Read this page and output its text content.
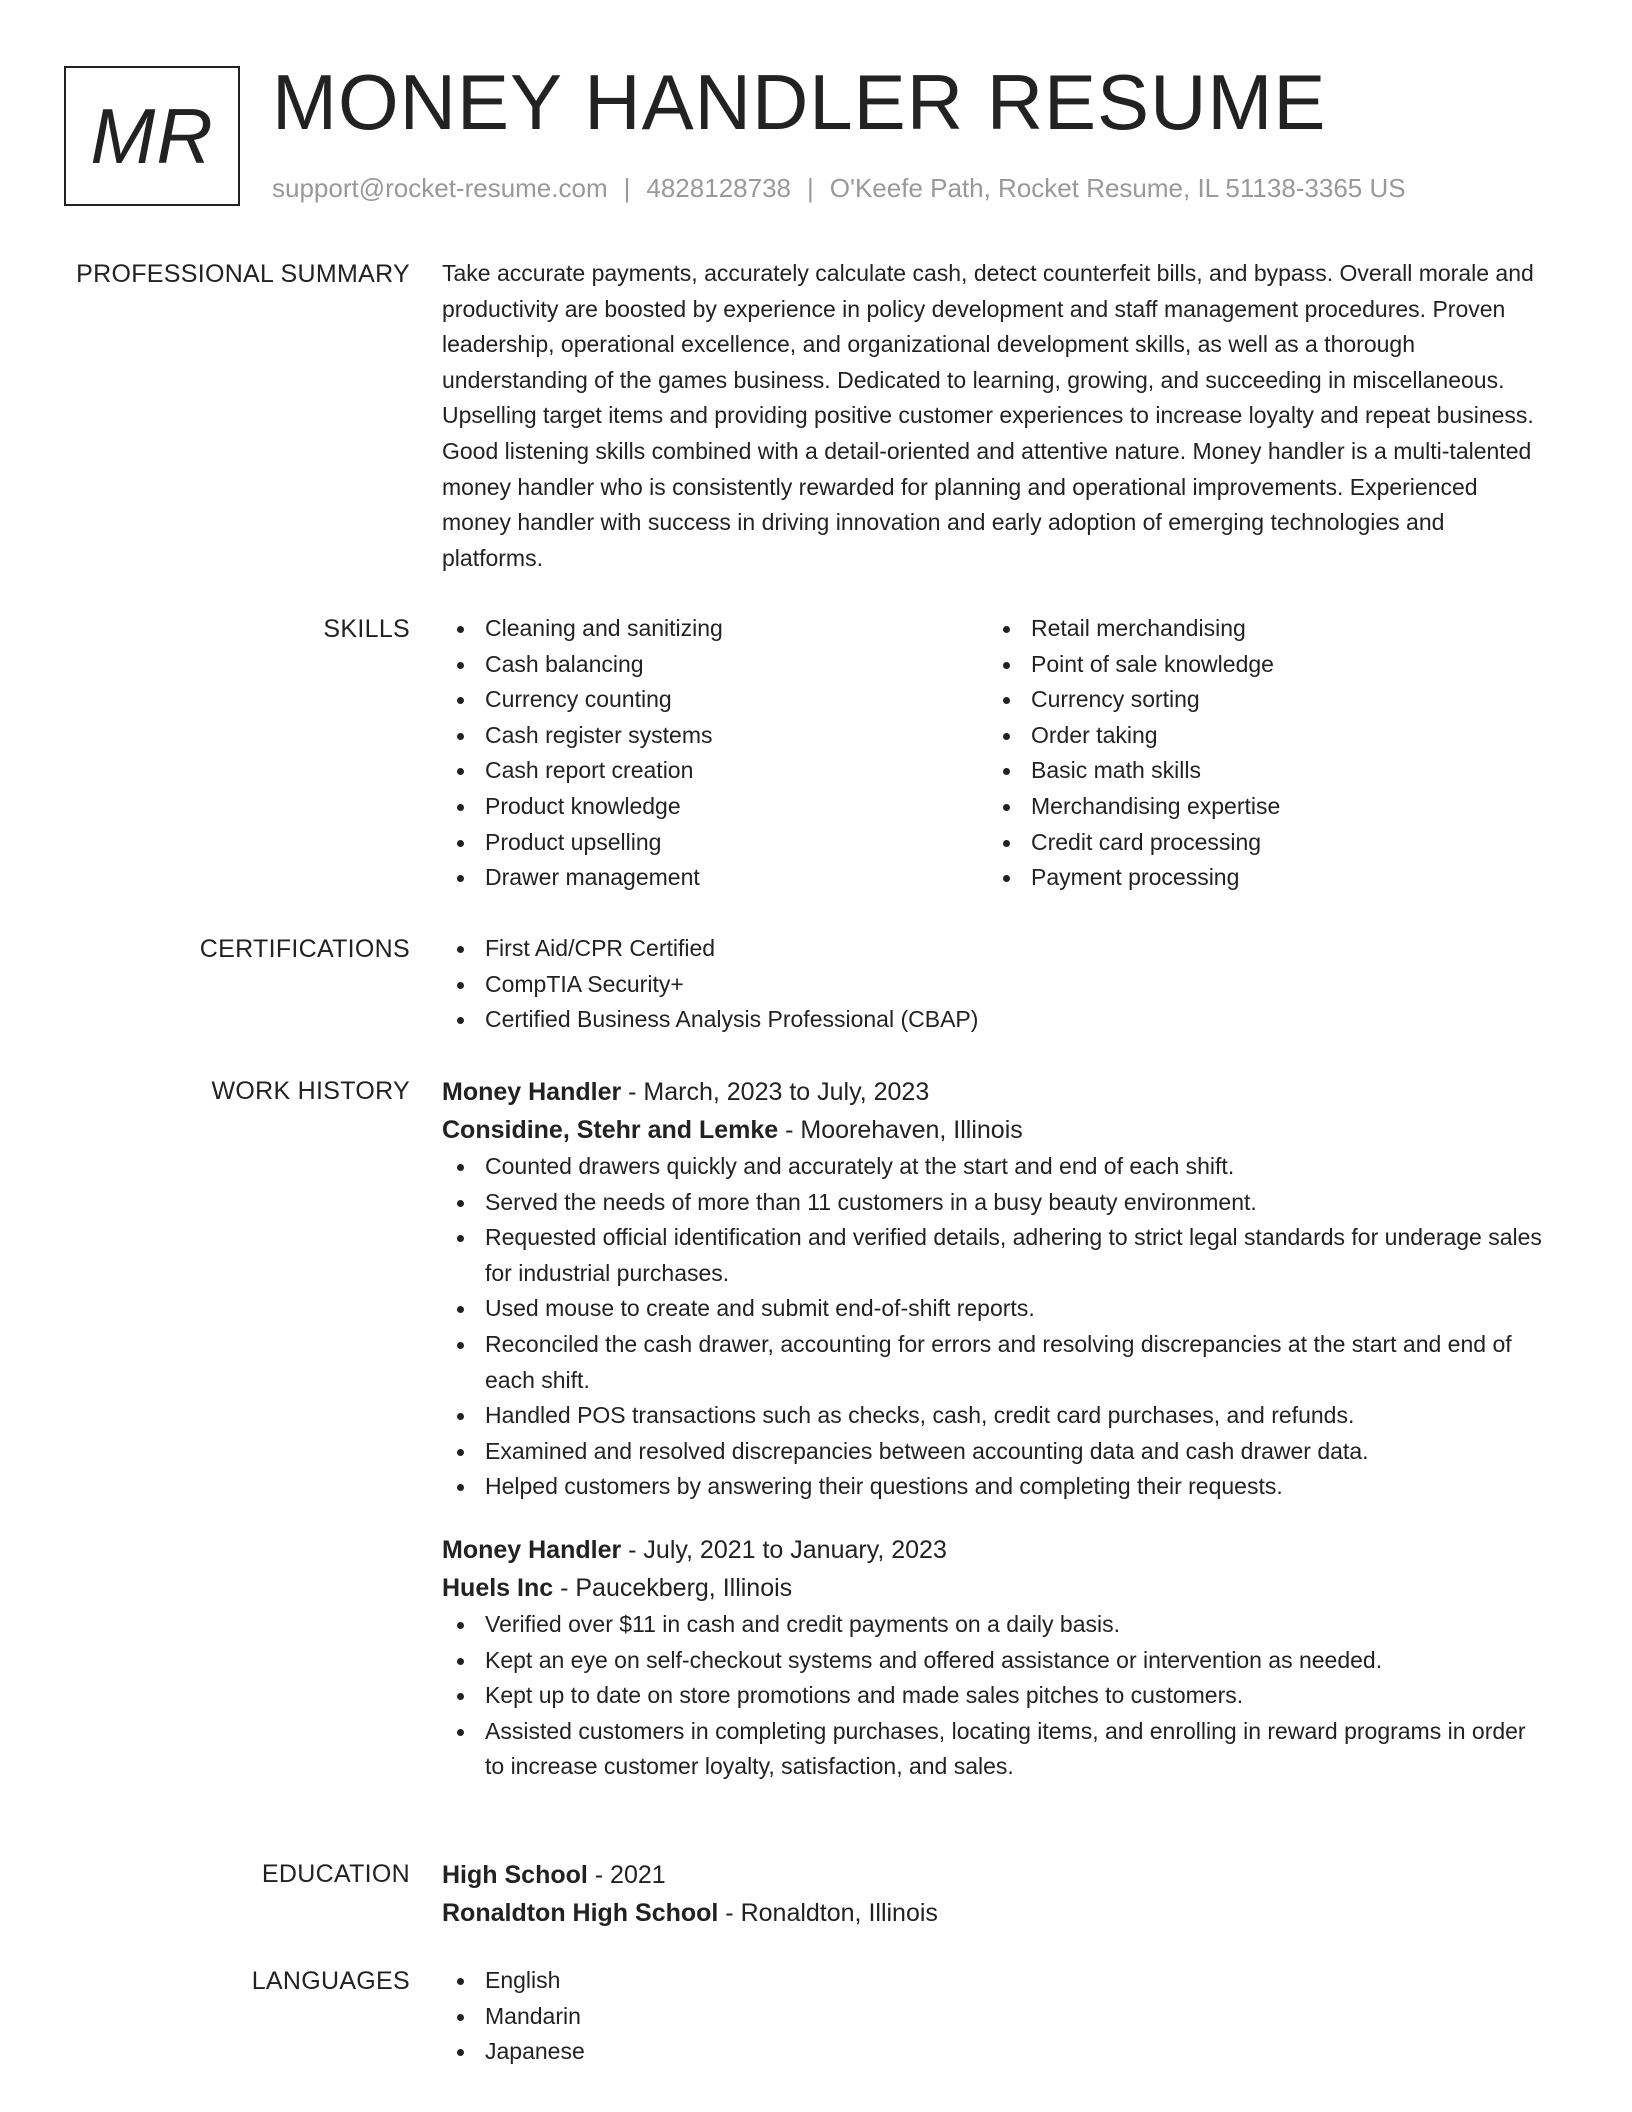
MR MONEY HANDLER RESUME
support@rocket-resume.com | 4828128738 | O'Keefe Path, Rocket Resume, IL 51138-3365 US
PROFESSIONAL SUMMARY Take accurate payments, accurately calculate cash, detect counterfeit bills, and bypass. Overall morale and productivity are boosted by experience in policy development and staff management procedures. Proven leadership, operational excellence, and organizational development skills, as well as a thorough understanding of the games business. Dedicated to learning, growing, and succeeding in miscellaneous. Upselling target items and providing positive customer experiences to increase loyalty and repeat business. Good listening skills combined with a detail-oriented and attentive nature. Money handler is a multi-talented money handler who is consistently rewarded for planning and operational improvements. Experienced money handler with success in driving innovation and early adoption of emerging technologies and platforms.

SKILLS	Cleaning and sanitizing
Cash balancing
Currency counting
Cash register systems
Cash report creation
Product knowledge
Product upselling
Drawer management
Retail merchandising
Point of sale knowledge
Currency sorting
Order taking
Basic math skills
Merchandising expertise
Credit card processing
Payment processing
CERTIFICATIONS	First Aid/CPR Certified
CompTIA Security+
Certified Business Analysis Professional (CBAP)
WORK HISTORY Money Handler - March, 2023 to July, 2023
Considine, Stehr and Lemke - Moorehaven, Illinois
Counted drawers quickly and accurately at the start and end of each shift.
Served the needs of more than 11 customers in a busy beauty environment.
Requested official identification and verified details, adhering to strict legal standards for underage sales for industrial purchases.
Used mouse to create and submit end-of-shift reports.
Reconciled the cash drawer, accounting for errors and resolving discrepancies at the start and end of each shift.
Handled POS transactions such as checks, cash, credit card purchases, and refunds.
Examined and resolved discrepancies between accounting data and cash drawer data.
Helped customers by answering their questions and completing their requests.
Money Handler - July, 2021 to January, 2023
Huels Inc - Paucekberg, Illinois
Verified over $11 in cash and credit payments on a daily basis.
Kept an eye on self-checkout systems and offered assistance or intervention as needed.
Kept up to date on store promotions and made sales pitches to customers.
Assisted customers in completing purchases, locating items, and enrolling in reward programs in order to increase customer loyalty, satisfaction, and sales.
EDUCATION High School - 2021
Ronaldton High School - Ronaldton, Illinois
LANGUAGES	English
Mandarin
Japanese
